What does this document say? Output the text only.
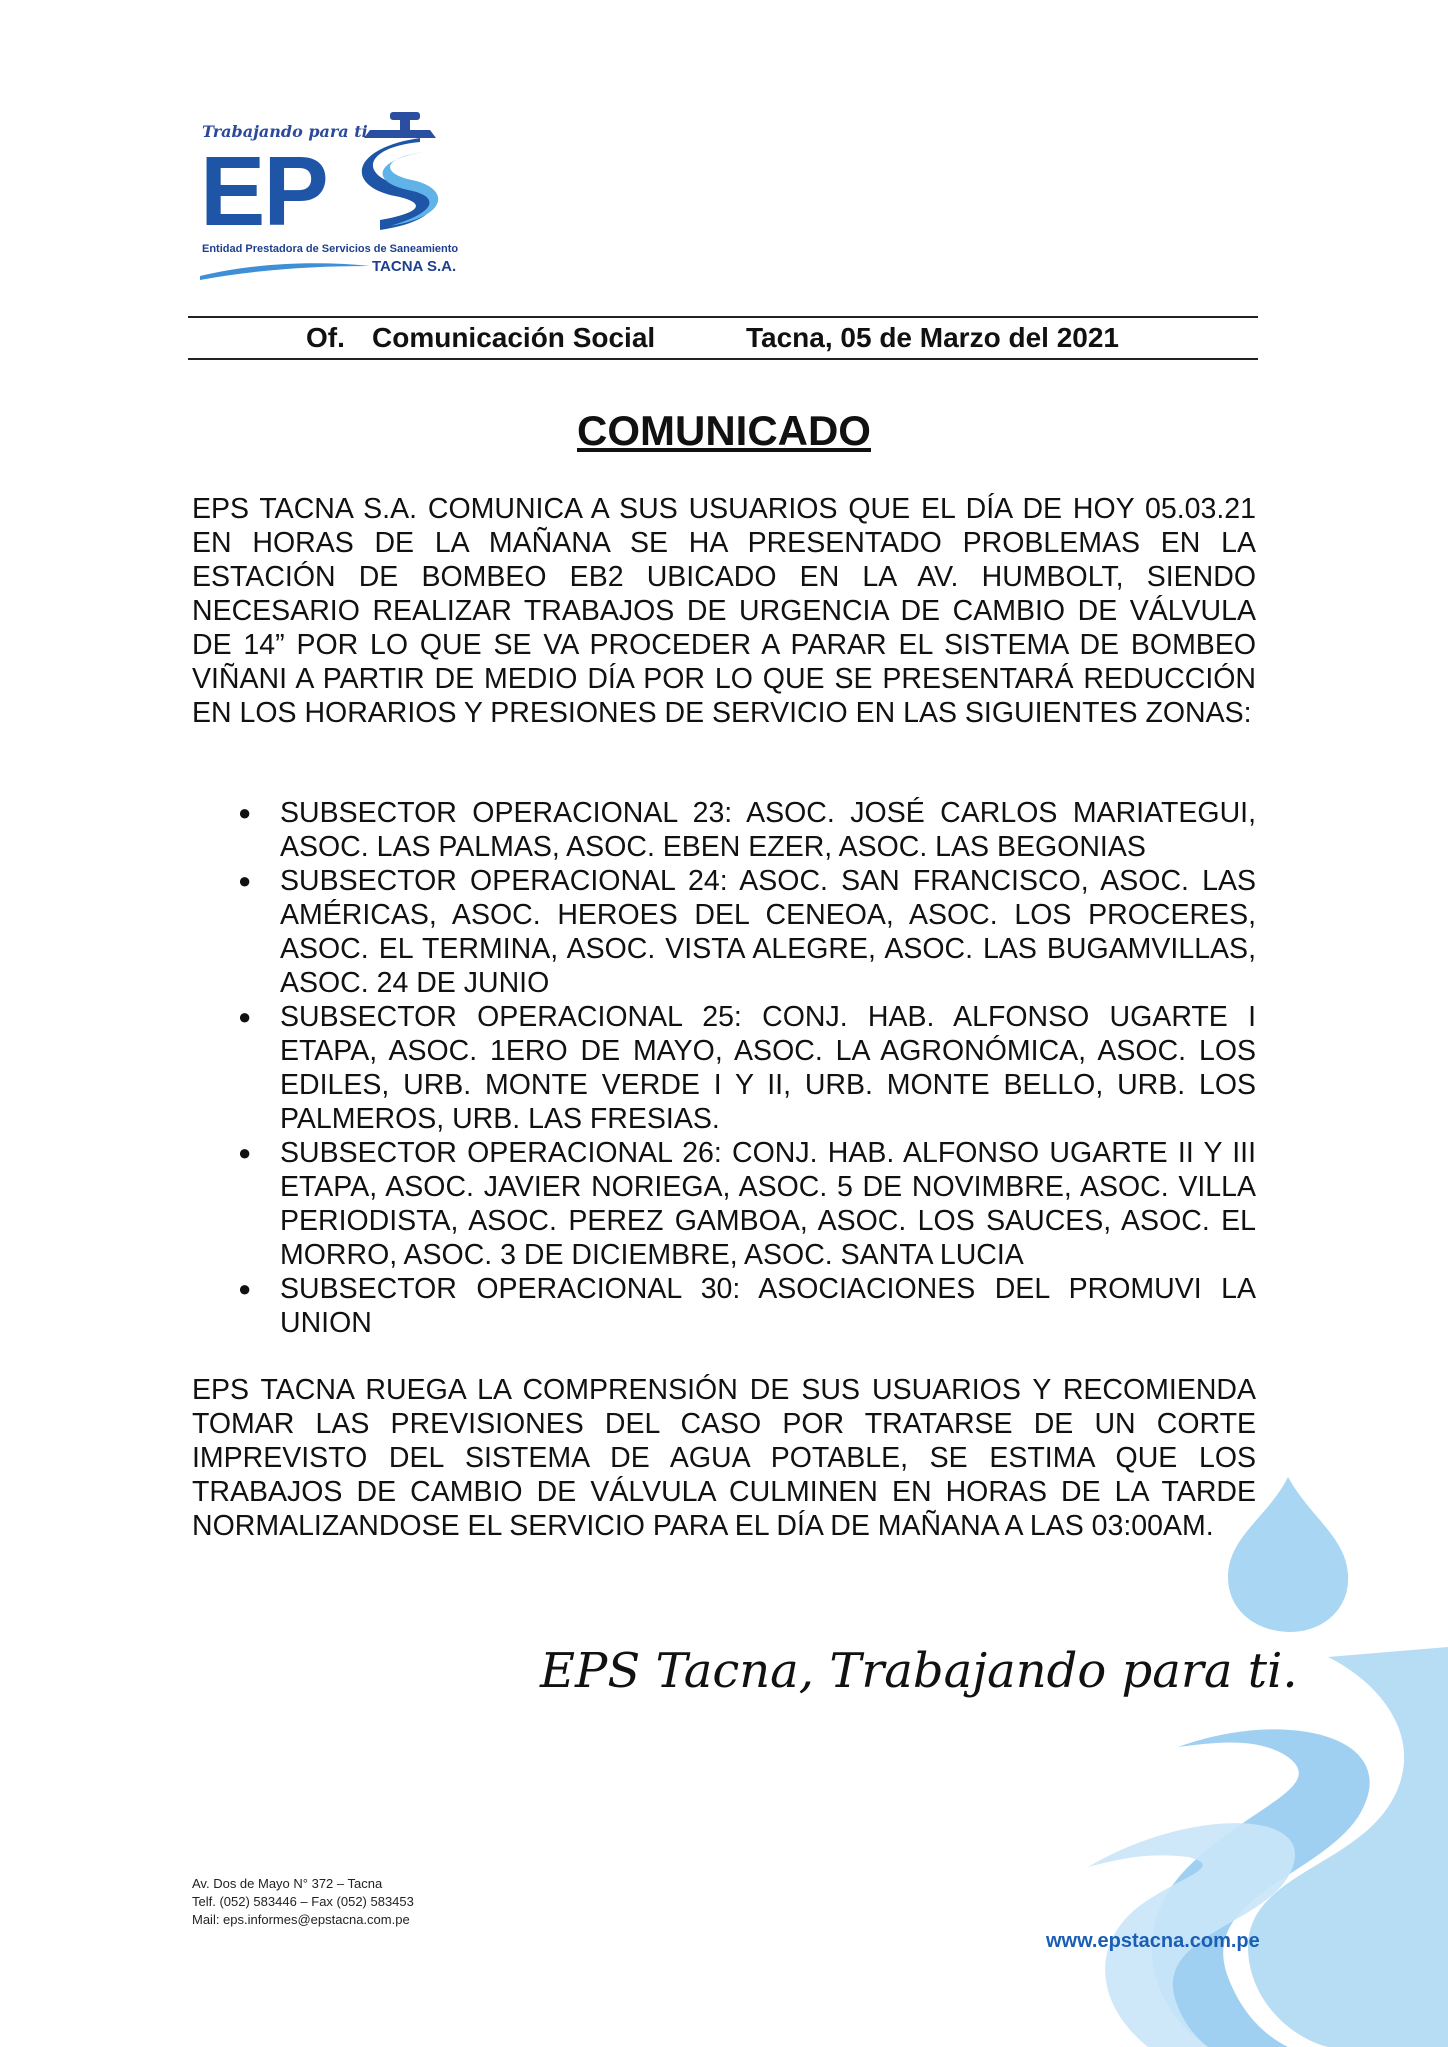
Trabajando para ti
EP
Entidad Prestadora de Servicios de Saneamiento
TACNA S.A.
Of. Comunicación Social	Tacna, 05 de Marzo del 2021
COMUNICADO
EPS TACNA S.A. COMUNICA A SUS USUARIOS QUE EL DÍA DE HOY 05.03.21 EN HORAS DE LA MAÑANA SE HA PRESENTADO PROBLEMAS EN LA ESTACIÓN DE BOMBEO EB2 UBICADO EN LA AV. HUMBOLT, SIENDO NECESARIO REALIZAR TRABAJOS DE URGENCIA DE CAMBIO DE VÁLVULA DE 14” POR LO QUE SE VA PROCEDER A PARAR EL SISTEMA DE BOMBEO VIÑANI A PARTIR DE MEDIO DÍA POR LO QUE SE PRESENTARÁ REDUCCIÓN EN LOS HORARIOS Y PRESIONES DE SERVICIO EN LAS SIGUIENTES ZONAS:
● SUBSECTOR OPERACIONAL 23: ASOC. JOSÉ CARLOS MARIATEGUI, ASOC. LAS PALMAS, ASOC. EBEN EZER, ASOC. LAS BEGONIAS
● SUBSECTOR OPERACIONAL 24: ASOC. SAN FRANCISCO, ASOC. LAS AMÉRICAS, ASOC. HEROES DEL CENEOA, ASOC. LOS PROCERES, ASOC. EL TERMINA, ASOC. VISTA ALEGRE, ASOC. LAS BUGAMVILLAS, ASOC. 24 DE JUNIO
● SUBSECTOR OPERACIONAL 25: CONJ. HAB. ALFONSO UGARTE I ETAPA, ASOC. 1ERO DE MAYO, ASOC. LA AGRONÓMICA, ASOC. LOS EDILES, URB. MONTE VERDE I Y II, URB. MONTE BELLO, URB. LOS PALMEROS, URB. LAS FRESIAS.
● SUBSECTOR OPERACIONAL 26: CONJ. HAB. ALFONSO UGARTE II Y III ETAPA, ASOC. JAVIER NORIEGA, ASOC. 5 DE NOVIMBRE, ASOC. VILLA PERIODISTA, ASOC. PEREZ GAMBOA, ASOC. LOS SAUCES, ASOC. EL MORRO, ASOC. 3 DE DICIEMBRE, ASOC. SANTA LUCIA
● SUBSECTOR OPERACIONAL 30: ASOCIACIONES DEL PROMUVI LA UNION
EPS TACNA RUEGA LA COMPRENSIÓN DE SUS USUARIOS Y RECOMIENDA TOMAR LAS PREVISIONES DEL CASO POR TRATARSE DE UN CORTE IMPREVISTO DEL SISTEMA DE AGUA POTABLE, SE ESTIMA QUE LOS TRABAJOS DE CAMBIO DE VÁLVULA CULMINEN EN HORAS DE LA TARDE NORMALIZANDOSE EL SERVICIO PARA EL DÍA DE MAÑANA A LAS 03:00AM.
EPS Tacna, Trabajando para ti.
Av. Dos de Mayo N° 372 – Tacna
Telf. (052) 583446 – Fax (052) 583453
Mail: eps.informes@epstacna.com.pe
www.epstacna.com.pe
